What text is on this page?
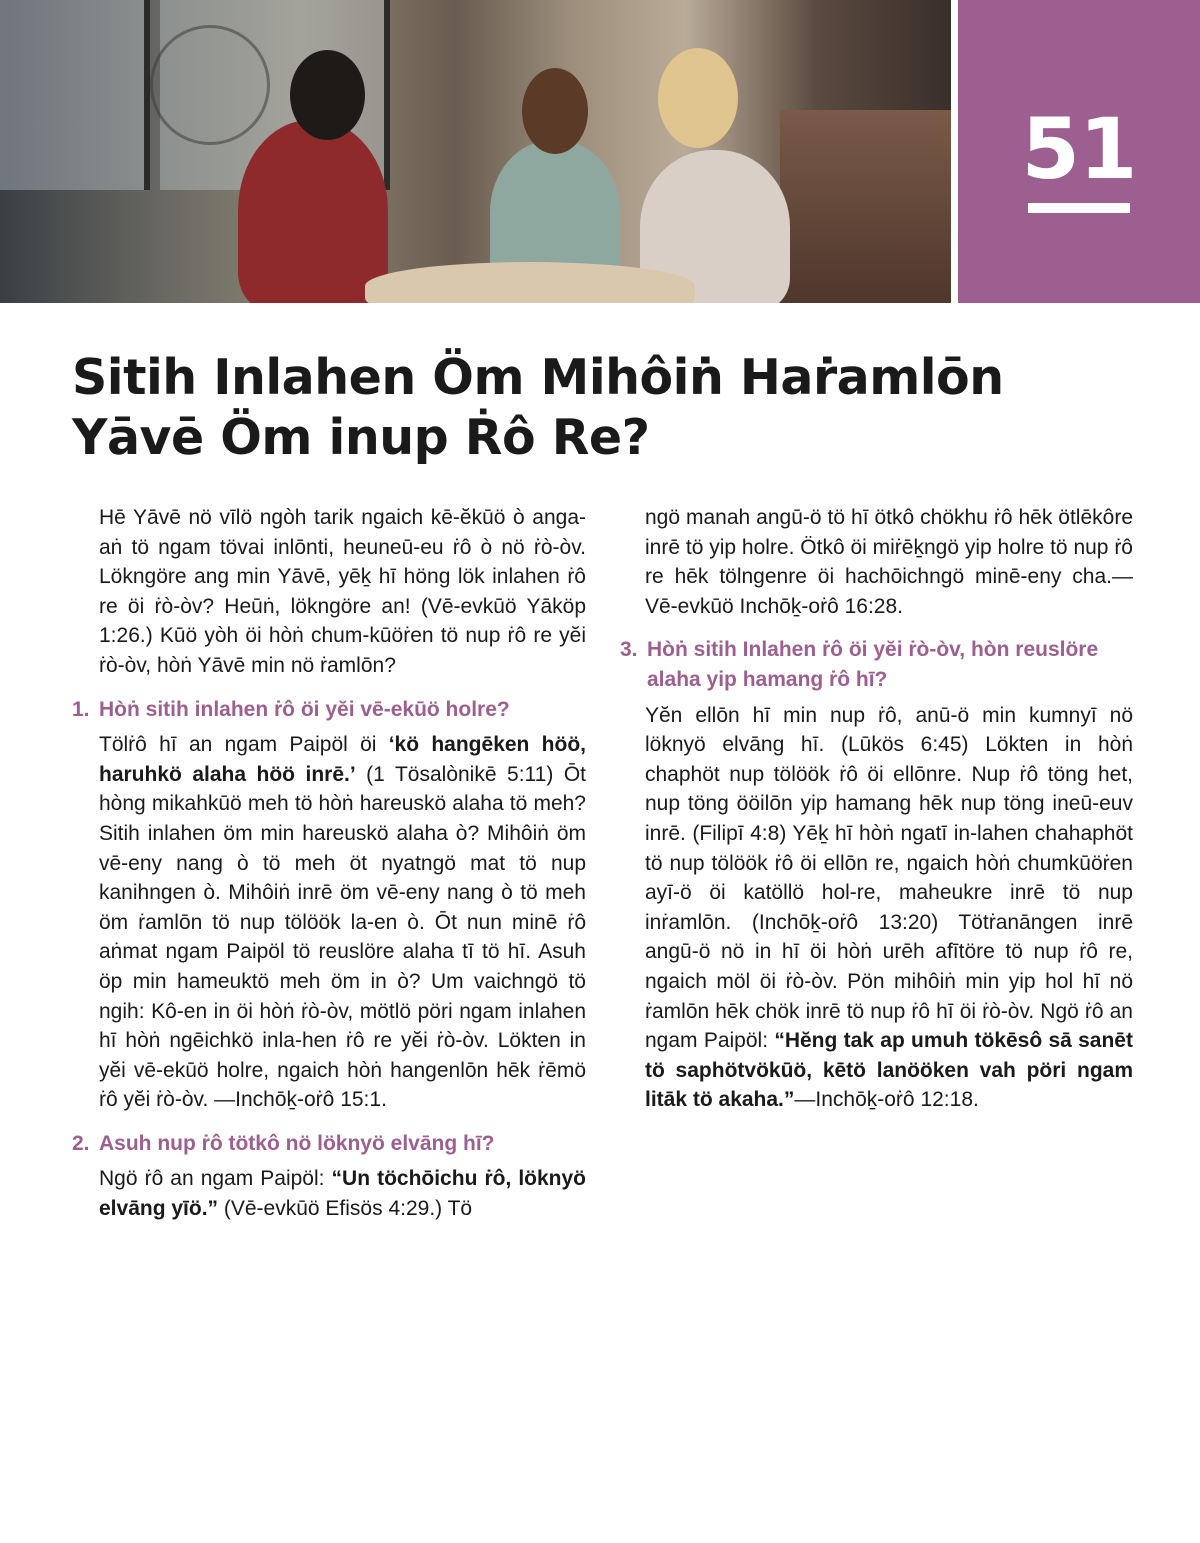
51
Sitih Inlahen Öm Mihôiṅ Haṙamlōn Yāvē Öm inup Ṙô Re?

Hē Yāvē nö vīlö ngòh tarik ngaich kē-ĕkūö ò anga-aṅ tö ngam tövai inlōnti, heuneū-eu ṙô ò nö ṙò-òv. Lökngöre ang min Yāvē, yēḵ hī höng lök inlahen ṙô re öi ṙò-òv? Heūṅ, lökngöre an! (Vē-evkūö Yāköp 1:26.) Kūö yòh öi hòṅ chum-kūöṙen tö nup ṙô re yĕi ṙò-òv, hòṅ Yāvē min nö ṙamlōn?

1. Hòṅ sitih inlahen ṙô öi yĕi vē-ekūö holre?

Tölṙô hī an ngam Paipöl öi ‘kö hangēken höö, haruhkö alaha höö inrē.’ (1 Tösalònikē 5:11) Ōt hòng mikahkūö meh tö hòṅ hareuskö alaha tö meh? Sitih inlahen öm min hareuskö alaha ò? Mihôiṅ öm vē-eny nang ò tö meh öt nyatngö mat tö nup kanihngen ò. Mihôiṅ inrē öm vē-eny nang ò tö meh öm ṙamlōn tö nup tölöök la-en ò. Ōt nun minē ṙô aṅmat ngam Paipöl tö reuslöre alaha tī tö hī. Asuh öp min hameuktö meh öm in ò? Um vaichngö tö ngih: Kô-en in öi hòṅ ṙò-òv, mötlö pöri ngam inlahen hī hòṅ ngēichkö inla-hen ṙô re yĕi ṙò-òv. Lökten in yĕi vē-ekūö holre, ngaich hòṅ hangenlōn hēk ṙēmö ṙô yĕi ṙò-òv. —Inchōḵ-oṙô 15:1.

2. Asuh nup ṙô tötkô nö löknyö elvāng hī?

Ngö ṙô an ngam Paipöl: “Un töchōichu ṙô, löknyö elvāng yīö.” (Vē-evkūö Efisös 4:29.) Tö

ngö manah angū-ö tö hī ötkô chökhu ṙô hēk ötlēkôre inrē tö yip holre. Ötkô öi miṙēḵngö yip holre tö nup ṙô re hēk tölngenre öi hachōichngö minē-eny cha.—Vē-evkūö Inchōḵ-oṙô 16:28.

3. Hòṅ sitih Inlahen ṙô öi yĕi ṙò-òv, hòn reuslöre alaha yip hamang ṙô hī?

Yĕn ellōn hī min nup ṙô, anū-ö min kumnyī nö löknyö elvāng hī. (Lūkös 6:45) Lökten in hòṅ chaphöt nup tölöök ṙô öi ellōnre. Nup ṙô töng het, nup töng ööilōn yip hamang hēk nup töng ineū-euv inrē. (Filipī 4:8) Yēḵ hī hòṅ ngatī in-lahen chahaphöt tö nup tölöök ṙô öi ellōn re, ngaich hòṅ chumkūöṙen ayī-ö öi katöllö hol-re, maheukre inrē tö nup inṙamlōn. (Inchōḵ-oṙô 13:20) Tötṙanāngen inrē angū-ö nö in hī öi hòṅ urēh afītöre tö nup ṙô re, ngaich möl öi ṙò-òv. Pön mihôiṅ min yip hol hī nö ṙamlōn hēk chök inrē tö nup ṙô hī öi ṙò-òv. Ngö ṙô an ngam Paipöl: “Hĕng tak ap umuh tökēsô sā sanēt tö saphötvökūö, kētö lanööken vah pöri ngam litāk tö akaha.”—Inchōḵ-oṙô 12:18.
